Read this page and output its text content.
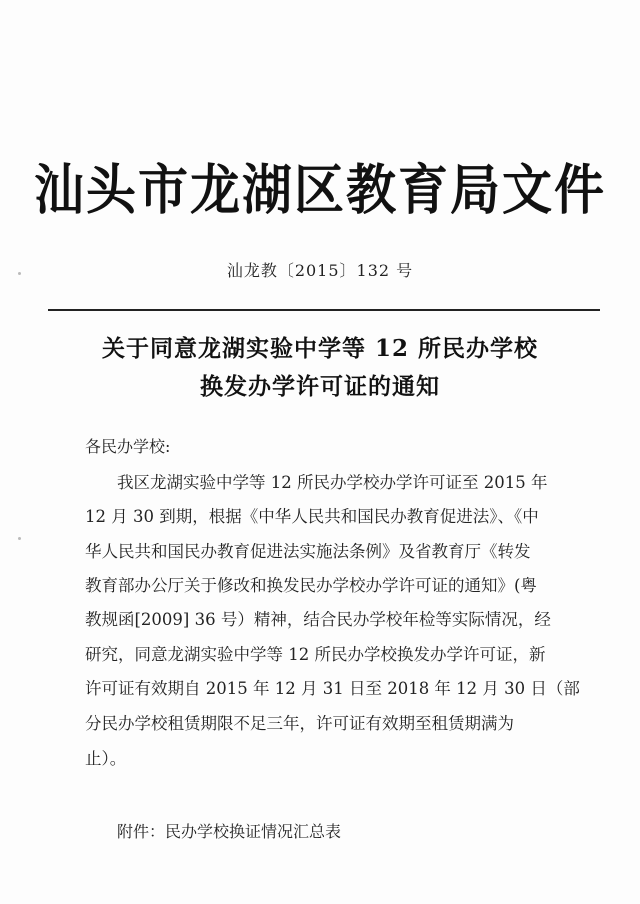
汕头市龙湖区教育局文件
汕龙教〔2015〕132 号
关于同意龙湖实验中学等 12 所民办学校
换发办学许可证的通知
各民办学校:
我区龙湖实验中学等 12 所民办学校办学许可证至 2015 年
12 月 30 到期，根据《中华人民共和国民办教育促进法》、《中
华人民共和国民办教育促进法实施法条例》及省教育厅《转发
教育部办公厅关于修改和换发民办学校办学许可证的通知》(粤
教规函[2009] 36 号）精神，结合民办学校年检等实际情况，经
研究，同意龙湖实验中学等 12 所民办学校换发办学许可证，新
许可证有效期自 2015 年 12 月 31 日至 2018 年 12 月 30 日（部
分民办学校租赁期限不足三年，许可证有效期至租赁期满为
止）。
附件：民办学校换证情况汇总表
